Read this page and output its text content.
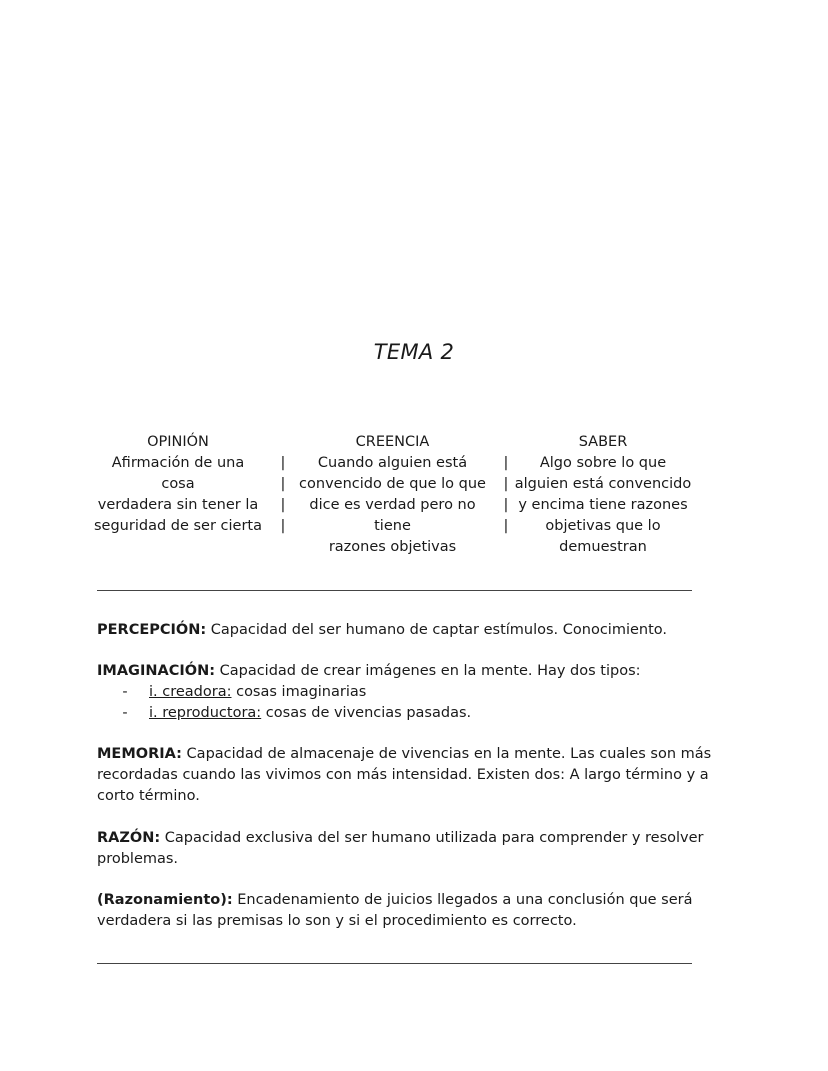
TEMA 2
OPINIÓN
Afirmación de una cosa
verdadera sin tener la
seguridad de ser cierta
|
|
|
|
CREENCIA
Cuando alguien está
convencido de que lo que
dice es verdad pero no tiene
razones objetivas
|
|
|
|
SABER
Algo sobre lo que
alguien está convencido
y encima tiene razones
objetivas que lo
demuestran
PERCEPCIÓN: Capacidad del ser humano de captar estímulos. Conocimiento.
IMAGINACIÓN: Capacidad de crear imágenes en la mente. Hay dos tipos:
- i. creadora: cosas imaginarias
- i. reproductora: cosas de vivencias pasadas.
MEMORIA: Capacidad de almacenaje de vivencias en la mente. Las cuales son más
recordadas cuando las vivimos con más intensidad. Existen dos: A largo término y a
corto término.
RAZÓN: Capacidad exclusiva del ser humano utilizada para comprender y resolver
problemas.
(Razonamiento): Encadenamiento de juicios llegados a una conclusión que será
verdadera si las premisas lo son y si el procedimiento es correcto.
